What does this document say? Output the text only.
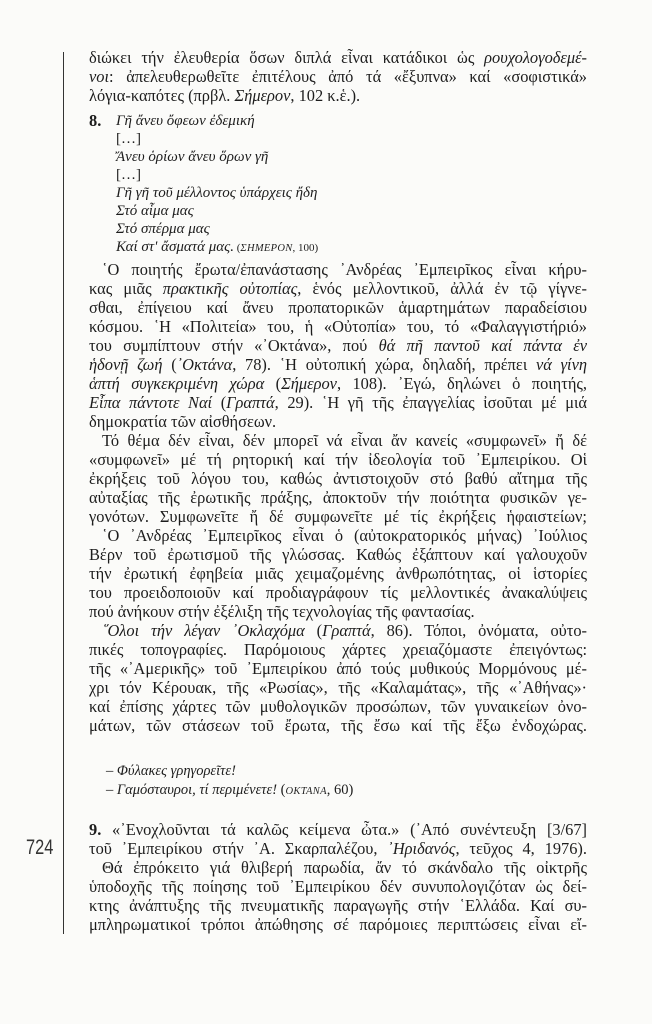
724
διώκει τήν ἐλευθερία ὅσων διπλά εἶναι κατάδικοι ὡς ρουχολογοδεμέ-
νοι: ἀπελευθερωθεῖτε ἐπιτέλους ἀπό τά «ἔξυπνα» καί «σοφιστικά»
λόγια-καπότες (πρβλ. Σήμερον, 102 κ.ἑ.).
8. Γῆ ἄνευ ὄφεων ἐδεμική
[…]
Ἄνευ ὁρίων ἄνευ ὅρων γῆ
[…]
Γῆ γῆ τοῦ μέλλοντος ὑπάρχεις ἤδη
Στό αἷμα μας
Στό σπέρμα μας
Καί στ' ἄσματά μας. (ΣΗΜΕΡΟΝ, 100)
῾Ο ποιητής ἔρωτα/ἐπανάστασης ᾿Ανδρέας ᾿Εμπειρῖκος εἶναι κήρυ-
κας μιᾶς πρακτικῆς οὐτοπίας, ἑνός μελλοντικοῦ, ἀλλά ἐν τῷ γίγνε-
σθαι, ἐπίγειου καί ἄνευ προπατορικῶν ἁμαρτημάτων παραδείσιου
κόσμου. ῾Η «Πολιτεία» του, ἡ «Οὐτοπία» του, τό «Φαλαγγιστήριό»
του συμπίπτουν στήν «᾿Οκτάνα», πού θά πῆ παντοῦ καί πάντα ἐν
ἡδονῇ ζωή (᾿Οκτάνα, 78). ῾Η οὐτοπική χώρα, δηλαδή, πρέπει νά γίνη
ἁπτή συγκεκριμένη χώρα (Σήμερον, 108). ᾿Εγώ, δηλώνει ὁ ποιητής,
Εἶπα πάντοτε Ναί (Γραπτά, 29). ῾Η γῆ τῆς ἐπαγγελίας ἰσοῦται μέ μιά
δημοκρατία τῶν αἰσθήσεων.
Τό θέμα δέν εἶναι, δέν μπορεῖ νά εἶναι ἄν κανείς «συμφωνεῖ» ἤ δέ
«συμφωνεῖ» μέ τή ρητορική καί τήν ἰδεολογία τοῦ ᾿Εμπειρίκου. Οἱ
ἐκρήξεις τοῦ λόγου του, καθώς ἀντιστοιχοῦν στό βαθύ αἴτημα τῆς
αὐταξίας τῆς ἐρωτικῆς πράξης, ἀποκτοῦν τήν ποιότητα φυσικῶν γε-
γονότων. Συμφωνεῖτε ἤ δέ συμφωνεῖτε μέ τίς ἐκρήξεις ἡφαιστείων;
῾Ο ᾿Ανδρέας ᾿Εμπειρῖκος εἶναι ὁ (αὐτοκρατορικός μήνας) ᾿Ιούλιος
Βέρν τοῦ ἐρωτισμοῦ τῆς γλώσσας. Καθώς ἐξάπτουν καί γαλουχοῦν
τήν ἐρωτική ἐφηβεία μιᾶς χειμαζομένης ἀνθρωπότητας, οἱ ἱστορίες
του προειδοποιοῦν καί προδιαγράφουν τίς μελλοντικές ἀνακαλύψεις
πού ἀνήκουν στήν ἐξέλιξη τῆς τεχνολογίας τῆς φαντασίας.
῞Ολοι τήν λέγαν ᾿Οκλαχόμα (Γραπτά, 86). Τόποι, ὀνόματα, οὐτο-
πικές τοπογραφίες. Παρόμοιους χάρτες χρειαζόμαστε ἐπειγόντως:
τῆς «᾿Αμερικῆς» τοῦ ᾿Εμπειρίκου ἀπό τούς μυθικούς Μορμόνους μέ-
χρι τόν Κέρουακ, τῆς «Ρωσίας», τῆς «Καλαμάτας», τῆς «᾿Αθήνας»·
καί ἐπίσης χάρτες τῶν μυθολογικῶν προσώπων, τῶν γυναικείων ὀνο-
μάτων, τῶν στάσεων τοῦ ἔρωτα, τῆς ἔσω καί τῆς ἔξω ἐνδοχώρας.
– Φύλακες γρηγορεῖτε!
– Γαμόσταυροι, τί περιμένετε! (ΟΚΤΑΝΑ, 60)
9. «᾿Ενοχλοῦνται τά καλῶς κείμενα ὦτα.» (᾿Από συνέντευξη [3/67]
τοῦ ᾿Εμπειρίκου στήν ᾿Α. Σκαρπαλέζου, ᾿Ηριδανός, τεῦχος 4, 1976).
Θά ἐπρόκειτο γιά θλιβερή παρωδία, ἄν τό σκάνδαλο τῆς οἰκτρῆς
ὑποδοχῆς τῆς ποίησης τοῦ ᾿Εμπειρίκου δέν συνυπολογιζόταν ὡς δεί-
κτης ἀνάπτυξης τῆς πνευματικῆς παραγωγῆς στήν ῾Ελλάδα. Καί συ-
μπληρωματικοί τρόποι ἀπώθησης σέ παρόμοιες περιπτώσεις εἶναι εἴ-
